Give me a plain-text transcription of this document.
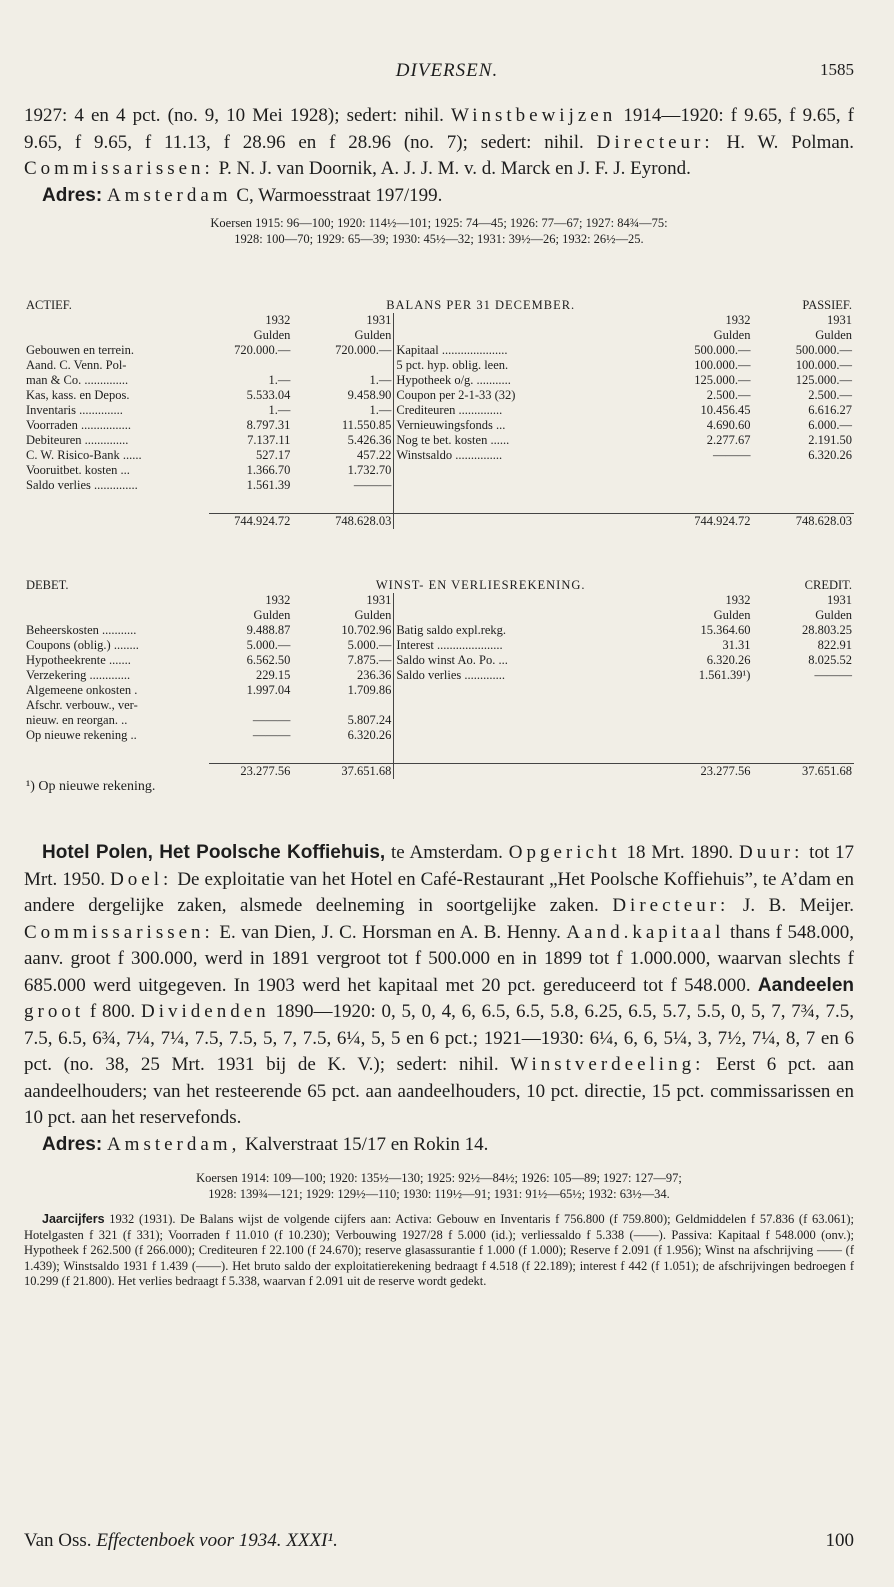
DIVERSEN.	1585

1927: 4 en 4 pct. (no. 9, 10 Mei 1928); sedert: nihil. Winstbewijzen 1914—1920: f 9.65, f 9.65, f 9.65, f 9.65, f 11.13, f 28.96 en f 28.96 (no. 7); sedert: nihil. Directeur: H. W. Polman. Commissarissen: P. N. J. van Doornik, A. J. J. M. v. d. Marck en J. F. J. Eyrond.
Adres: Amsterdam C, Warmoesstraat 197/199.

Koersen 1915: 96—100; 1920: 114½—101; 1925: 74—45; 1926: 77—67; 1927: 84¾—75:
1928: 100—70; 1929: 65—39; 1930: 45½—32; 1931: 39½—26; 1932: 26½—25.
ACTIEF.	BALANS PER 31 DECEMBER.				PASSIEF.
	1932	1931		1932	1931
	Gulden	Gulden		Gulden	Gulden
Gebouwen en terrein.	720.000.—	720.000.—	Kapitaal .....................	500.000.—	500.000.—
Aand. C. Venn. Pol-			5 pct. hyp. oblig. leen.	100.000.—	100.000.—
man & Co. ..............	1.—	1.—	Hypotheek o/g. ...........	125.000.—	125.000.—
Kas, kass. en Depos.	5.533.04	9.458.90	Coupon per 2-1-33 (32)	2.500.—	2.500.—
Inventaris ..............	1.—	1.—	Crediteuren ..............	10.456.45	6.616.27
Voorraden ................	8.797.31	11.550.85	Vernieuwingsfonds ...	4.690.60	6.000.—
Debiteuren ..............	7.137.11	5.426.36	Nog te bet. kosten ......	2.277.67	2.191.50
C. W. Risico-Bank ......	527.17	457.22	Winstsaldo ...............	———	6.320.26
Vooruitbet. kosten ...	1.366.70	1.732.70			
Saldo verlies ..............	1.561.39	———			

	744.924.72	748.628.03		744.924.72	748.628.03
DEBET.	WINST- EN VERLIESREKENING.				CREDIT.
	1932	1931		1932	1931
	Gulden	Gulden		Gulden	Gulden
Beheerskosten ...........	9.488.87	10.702.96	Batig saldo expl.rekg.	15.364.60	28.803.25
Coupons (oblig.) ........	5.000.—	5.000.—	Interest .....................	31.31	822.91
Hypotheekrente .......	6.562.50	7.875.—	Saldo winst Ao. Po. ...	6.320.26	8.025.52
Verzekering .............	229.15	236.36	Saldo verlies .............	1.561.39¹)	———
Algemeene onkosten .	1.997.04	1.709.86			
Afschr. verbouw., ver-					
nieuw. en reorgan. ..	———	5.807.24			
Op nieuwe rekening ..	———	6.320.26			

	23.277.56	37.651.68		23.277.56	37.651.68
¹) Op nieuwe rekening.					

Hotel Polen, Het Poolsche Koffiehuis, te Amsterdam. Opgericht 18 Mrt. 1890. Duur: tot 17 Mrt. 1950. Doel: De exploitatie van het Hotel en Café-Restaurant „Het Poolsche Koffiehuis”, te A’dam en andere dergelijke zaken, alsmede deelneming in soortgelijke zaken. Directeur: J. B. Meijer. Commissarissen: E. van Dien, J. C. Horsman en A. B. Henny. Aand.kapitaal thans f 548.000, aanv. groot f 300.000, werd in 1891 vergroot tot f 500.000 en in 1899 tot f 1.000.000, waarvan slechts f 685.000 werd uitgegeven. In 1903 werd het kapitaal met 20 pct. gereduceerd tot f 548.000. Aandeelen groot f 800. Dividenden 1890—1920: 0, 5, 0, 4, 6, 6.5, 6.5, 5.8, 6.25, 6.5, 5.7, 5.5, 0, 5, 7, 7¾, 7.5, 7.5, 6.5, 6¾, 7¼, 7¼, 7.5, 7.5, 5, 7, 7.5, 6¼, 5, 5 en 6 pct.; 1921—1930: 6¼, 6, 6, 5¼, 3, 7½, 7¼, 8, 7 en 6 pct. (no. 38, 25 Mrt. 1931 bij de K. V.); sedert: nihil. Winstverdeeling: Eerst 6 pct. aan aandeelhouders; van het resteerende 65 pct. aan aandeelhouders, 10 pct. directie, 15 pct. commissarissen en 10 pct. aan het reservefonds.
Adres: Amsterdam, Kalverstraat 15/17 en Rokin 14.

Koersen 1914: 109—100; 1920: 135½—130; 1925: 92½—84½; 1926: 105—89; 1927: 127—97;
1928: 139¾—121; 1929: 129½—110; 1930: 119½—91; 1931: 91½—65½; 1932: 63½—34.

Jaarcijfers 1932 (1931). De Balans wijst de volgende cijfers aan: Activa: Gebouw en Inventaris f 756.800 (f 759.800); Geldmiddelen f 57.836 (f 63.061); Hotelgasten f 321 (f 331); Voorraden f 11.010 (f 10.230); Verbouwing 1927/28 f 5.000 (id.); verliessaldo f 5.338 (——). Passiva: Kapitaal f 548.000 (onv.); Hypotheek f 262.500 (f 266.000); Crediteuren f 22.100 (f 24.670); reserve glasassurantie f 1.000 (f 1.000); Reserve f 2.091 (f 1.956); Winst na afschrijving —— (f 1.439); Winstsaldo 1931 f 1.439 (——). Het bruto saldo der exploitatierekening bedraagt f 4.518 (f 22.189); interest f 442 (f 1.051); de afschrijvingen bedroegen f 10.299 (f 21.800). Het verlies bedraagt f 5.338, waarvan f 2.091 uit de reserve wordt gedekt.

Van Oss. Effectenboek voor 1934. XXXI¹.	100
